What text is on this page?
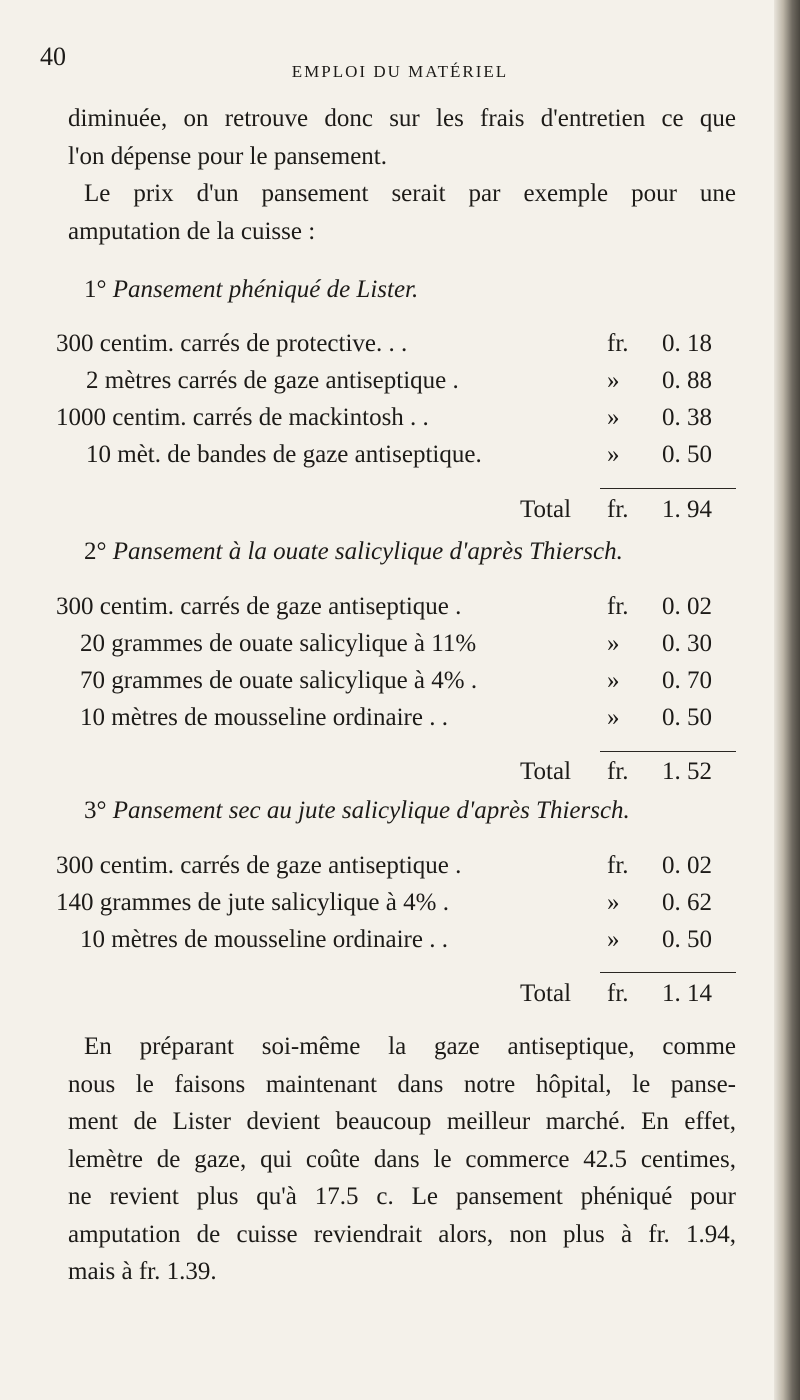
40
EMPLOI DU MATÉRIEL
diminuée, on retrouve donc sur les frais d'entretien ce que
l'on dépense pour le pansement.
Le prix d'un pansement serait par exemple pour une
amputation de la cuisse :
1° Pansement phéniqué de Lister.
300 centim. carrés de protective. . .	fr. 0. 18
2 mètres carrés de gaze antiseptique .	» 0. 88
1000 centim. carrés de mackintosh . .	» 0. 38
10 mèt. de bandes de gaze antiseptique.	» 0. 50
Total fr. 1. 94
2° Pansement à la ouate salicylique d'après Thiersch.
300 centim. carrés de gaze antiseptique .	fr. 0. 02
20 grammes de ouate salicylique à 11%	» 0. 30
70 grammes de ouate salicylique à 4% .	» 0. 70
10 mètres de mousseline ordinaire . .	» 0. 50
Total fr. 1. 52
3° Pansement sec au jute salicylique d'après Thiersch.
300 centim. carrés de gaze antiseptique .	fr. 0. 02
140 grammes de jute salicylique à 4% .	» 0. 62
10 mètres de mousseline ordinaire . .	» 0. 50
Total fr. 1. 14
En préparant soi-même la gaze antiseptique, comme
nous le faisons maintenant dans notre hôpital, le panse-
ment de Lister devient beaucoup meilleur marché. En effet,
lemètre de gaze, qui coûte dans le commerce 42.5 centimes,
ne revient plus qu'à 17.5 c. Le pansement phéniqué pour
amputation de cuisse reviendrait alors, non plus à fr. 1.94,
mais à fr. 1.39.
